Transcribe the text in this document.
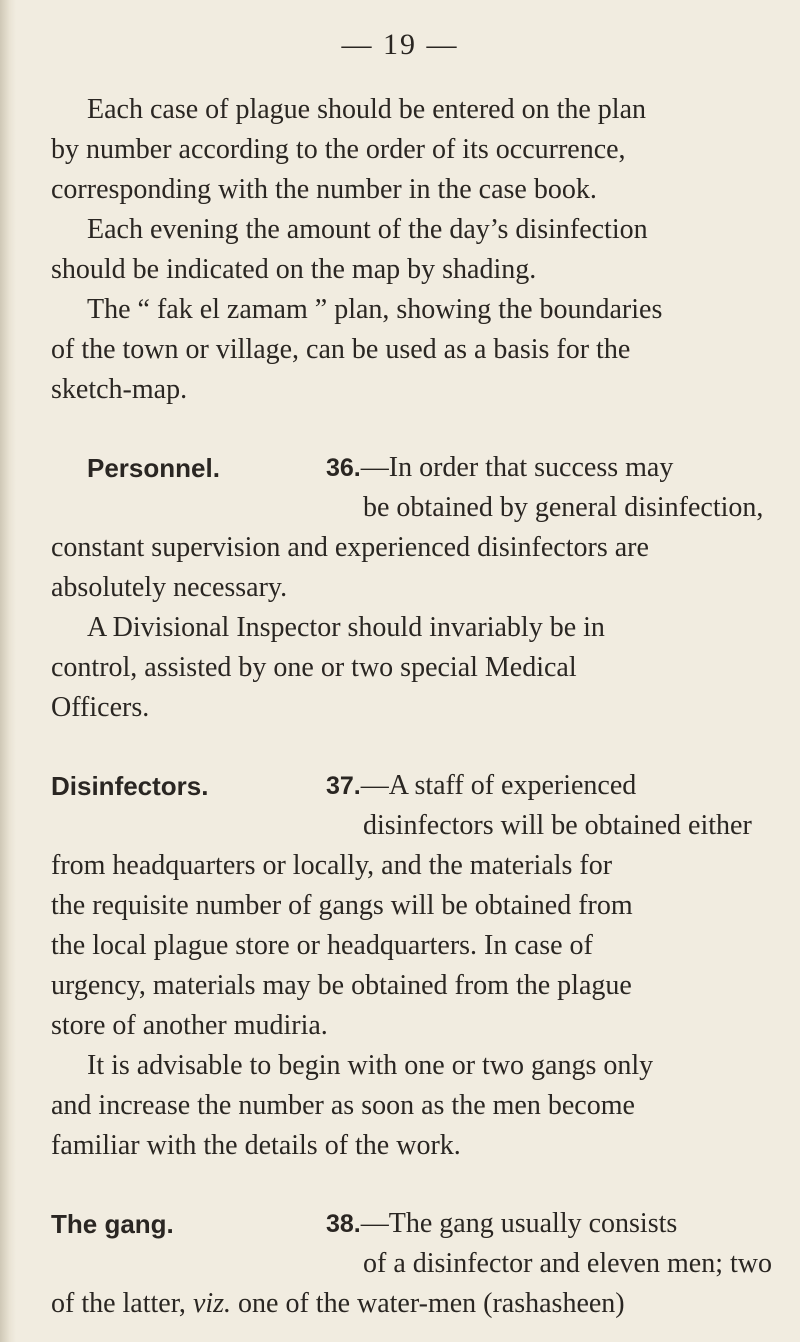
— 19 —
Each case of plague should be entered on the plan
by number according to the order of its occurrence,
corresponding with the number in the case book.
Each evening the amount of the day’s disinfection
should be indicated on the map by shading.
The “ fak el zamam ” plan, showing the boundaries
of the town or village, can be used as a basis for the
sketch-map.
Personnel.	36.—In order that success may
be obtained by general disinfection,
constant supervision and experienced disinfectors are
absolutely necessary.
A Divisional Inspector should invariably be in
control, assisted by one or two special Medical
Officers.
Disinfectors.	37.—A staff of experienced
disinfectors will be obtained either
from headquarters or locally, and the materials for
the requisite number of gangs will be obtained from
the local plague store or headquarters. In case of
urgency, materials may be obtained from the plague
store of another mudiria.
It is advisable to begin with one or two gangs only
and increase the number as soon as the men become
familiar with the details of the work.
The gang.	38.—The gang usually consists
of a disinfector and eleven men; two
of the latter, viz. one of the water-men (rashasheen)
